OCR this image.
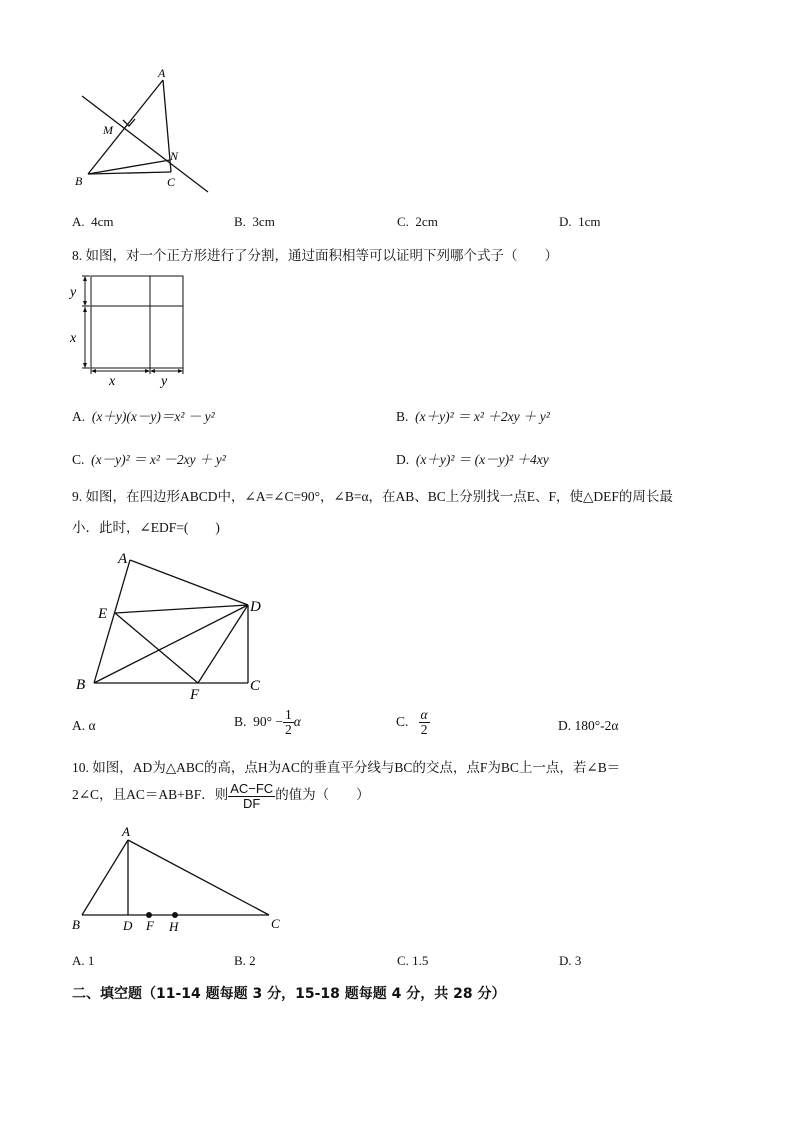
A
M
N
B	C
A. 4cm	B. 3cm	C. 2cm	D. 1cm
8. 如图，对一个正方形进行了分割，通过面积相等可以证明下列哪个式子（　　）
y
x
x	y
A. (x＋y)(x－y)＝x² － y²	B. (x＋y)² ＝ x² ＋2xy ＋ y²
C. (x－y)² ＝ x² －2xy ＋ y²	D. (x＋y)² ＝ (x－y)² ＋4xy
9. 如图，在四边形ABCD中，∠A=∠C=90°，∠B=α，在AB、BC上分别找一点E、F，使△DEF的周长最
小．此时，∠EDF=(　　)
A
D
E
B
F
C
A. α	B. $90^\circ - \frac{1}{2}$ α	C. $\frac{\alpha}{2}$	D. 180°-2α
10. 如图，AD为△ABC的高，点H为AC的垂直平分线与BC的交点，点F为BC上一点，若∠B＝
2∠C，且AC＝AB+BF．则 $\frac{AC-FC}{DF}$ 的值为（　　）
A
B	D F H	C
A. 1	B. 2	C. 1.5	D. 3
二、填空题（11-14 题每题 3 分，15-18 题每题 4 分，共 28 分）
